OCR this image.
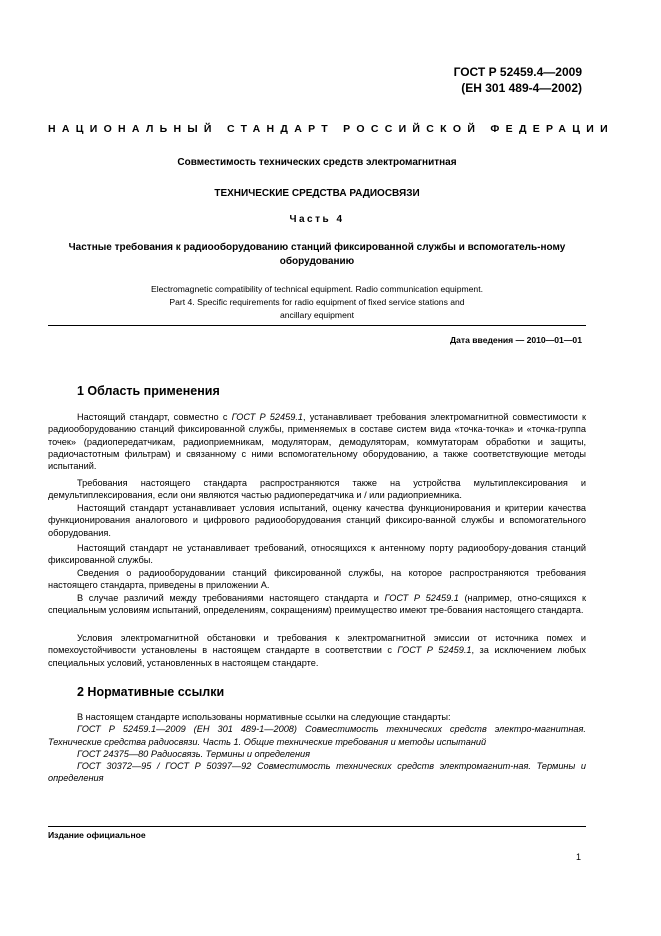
ГОСТ Р 52459.4—2009
(ЕН 301 489-4—2002)
НАЦИОНАЛЬНЫЙ СТАНДАРТ РОССИЙСКОЙ ФЕДЕРАЦИИ
Совместимость технических средств электромагнитная
ТЕХНИЧЕСКИЕ СРЕДСТВА РАДИОСВЯЗИ
Часть 4
Частные требования к радиооборудованию станций фиксированной службы и вспомогатель-ному оборудованию
Electromagnetic compatibility of technical equipment. Radio communication equipment.
Part 4. Specific requirements for radio equipment of fixed service stations and
ancillary equipment
Дата введения — 2010—01—01
1 Область применения
Настоящий стандарт, совместно с ГОСТ Р 52459.1, устанавливает требования электромагнитной совместимости к радиооборудованию станций фиксированной службы, применяемых в составе систем вида «точка-точка» и «точка-группа точек» (радиопередатчикам, радиоприемникам, модуляторам, демодуляторам, коммутаторам обработки и защиты, радиочастотным фильтрам) и связанному с ними вспомогательному оборудованию, а также соответствующие методы испытаний.
Требования настоящего стандарта распространяются также на устройства мультиплексирования и демультиплексирования, если они являются частью радиопередатчика и / или радиоприемника.
Настоящий стандарт устанавливает условия испытаний, оценку качества функционирования и критерии качества функционирования аналогового и цифрового радиооборудования станций фиксиро-ванной службы и вспомогательного оборудования.
Настоящий стандарт не устанавливает требований, относящихся к антенному порту радиообору-дования станций фиксированной службы.
Сведения о радиооборудовании станций фиксированной службы, на которое распространяются требования настоящего стандарта, приведены в приложении А.
В случае различий между требованиями настоящего стандарта и ГОСТ Р 52459.1 (например, отно-сящихся к специальным условиям испытаний, определениям, сокращениям) преимущество имеют тре-бования настоящего стандарта.
Условия электромагнитной обстановки и требования к электромагнитной эмиссии от источника помех и помехоустойчивости установлены в настоящем стандарте в соответствии с ГОСТ Р 52459.1, за исключением любых специальных условий, установленных в настоящем стандарте.
2 Нормативные ссылки
В настоящем стандарте использованы нормативные ссылки на следующие стандарты:
ГОСТ Р 52459.1—2009 (ЕН 301 489-1—2008) Совместимость технических средств электро-магнитная. Технические средства радиосвязи. Часть 1. Общие технические требования и методы испытаний
ГОСТ 24375—80 Радиосвязь. Термины и определения
ГОСТ 30372—95 / ГОСТ Р 50397—92 Совместимость технических средств электромагнит-ная. Термины и определения
Издание официальное
1
